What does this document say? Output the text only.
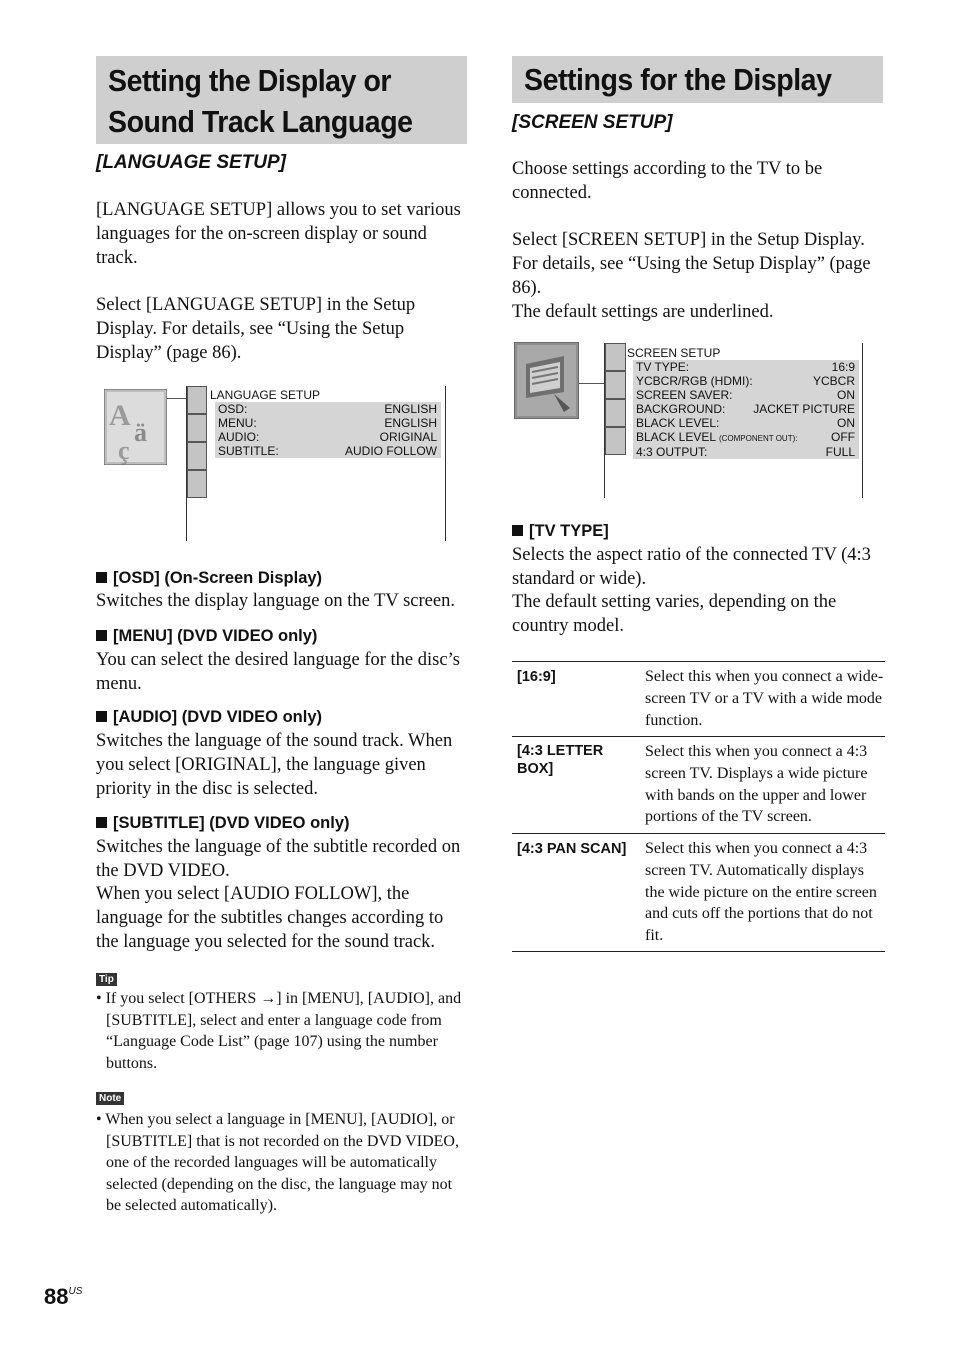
Setting the Display or
Sound Track Language

[LANGUAGE SETUP]

[LANGUAGE SETUP] allows you to set various languages for the on-screen display or sound track.

Select [LANGUAGE SETUP] in the Setup Display. For details, see “Using the Setup Display” (page 86).

A
ä
ç
LANGUAGE SETUP
OSD:	ENGLISH
MENU:	ENGLISH
AUDIO:	ORIGINAL
SUBTITLE:	AUDIO FOLLOW

[OSD] (On-Screen Display)

Switches the display language on the TV screen.

[MENU] (DVD VIDEO only)

You can select the desired language for the disc’s menu.

[AUDIO] (DVD VIDEO only)

Switches the language of the sound track. When you select [ORIGINAL], the language given priority in the disc is selected.

[SUBTITLE] (DVD VIDEO only)

Switches the language of the subtitle recorded on the DVD VIDEO.

When you select [AUDIO FOLLOW], the language for the subtitles changes according to the language you selected for the sound track.

Tip

• If you select [OTHERS →] in [MENU], [AUDIO], and [SUBTITLE], select and enter a language code from “Language Code List” (page 107) using the number buttons.

Note

• When you select a language in [MENU], [AUDIO], or [SUBTITLE] that is not recorded on the DVD VIDEO, one of the recorded languages will be automatically selected (depending on the disc, the language may not be selected automatically).

Settings for the Display

[SCREEN SETUP]

Choose settings according to the TV to be connected.

Select [SCREEN SETUP] in the Setup Display.

For details, see “Using the Setup Display” (page 86).

The default settings are underlined.

SCREEN SETUP
TV TYPE:	16:9
YCBCR/RGB (HDMI):	YCBCR
SCREEN SAVER:	ON
BACKGROUND: JACKET PICTURE
BLACK LEVEL:	ON
BLACK LEVEL (COMPONENT OUT):	OFF
4:3 OUTPUT:	FULL

[TV TYPE]

Selects the aspect ratio of the connected TV (4:3 standard or wide).

The default setting varies, depending on the country model.

[16:9]	Select this when you connect a wide-screen TV or a TV with a wide mode function.

[4:3 LETTER BOX]	Select this when you connect a 4:3 screen TV. Displays a wide picture with bands on the upper and lower portions of the TV screen.

[4:3 PAN SCAN]	Select this when you connect a 4:3 screen TV. Automatically displays the wide picture on the entire screen and cuts off the portions that do not fit.
$88^{US}$
